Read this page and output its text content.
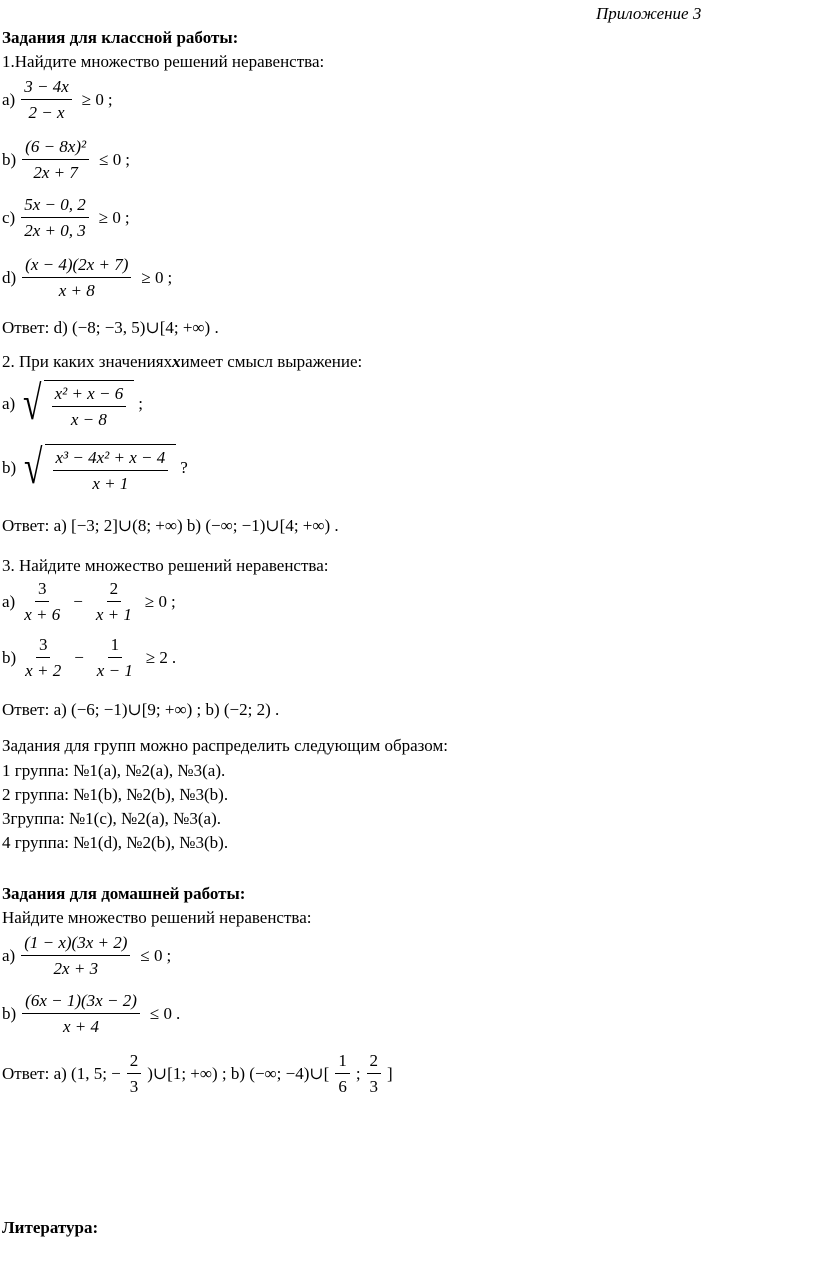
Приложение 3
Задания для классной работы:
1.Найдите множество решений неравенства:
$a) \frac{3 - 4x}{2 - x} \ge 0$ ;
$b) \frac{\text{(6 − 8x)²}}{2x + 7} \le 0$ ;
$c) \frac{5x - 0, 2}{2x + 0, 3} \ge 0$ ;
$d) \frac{(x - 4)(2x + 7)}{x + 8} \ge 0$ ;
Ответ: d) (−8; −3, 5)∪[4; +∞) .
2. При каких значениях x имеет смысл выражение:
a) √ $\frac{\text{x² + x − 6}}{x - 8}$ ;
b) √ $\frac{\text{x³ − 4x² + x − 4}}{x + 1}$ ?
Ответ: a) [−3; 2]∪(8; +∞) b) (−∞; −1)∪[4; +∞) .
3. Найдите множество решений неравенства:
$a) \frac{3}{x + 6} - \frac{2}{x + 1} \ge 0$ ;
$b) \frac{3}{x + 2} - \frac{1}{x - 1} \ge 2$ .
Ответ: a) (−6; −1)∪[9; +∞) ; b) (−2; 2) .
Задания для групп можно распределить следующим образом:
1 группа: №1(a), №2(a), №3(a).
2 группа: №1(b), №2(b), №3(b).
3группа: №1(c), №2(a), №3(a).
4 группа: №1(d), №2(b), №3(b).
Задания для домашней работы:
Найдите множество решений неравенства:
$a) \frac{(1 - x)(3x + 2)}{2x + 3} \le 0$ ;
$b) \frac{(6x - 1)(3x - 2)}{x + 4} \le 0$ .
Ответ: a) (1, 5; − $\frac{2}{3}$ )∪[1; +∞) ; b) (−∞; −4)∪[ $\frac{1}{6}$ ; $\frac{2}{3}$ ]
Литература:
